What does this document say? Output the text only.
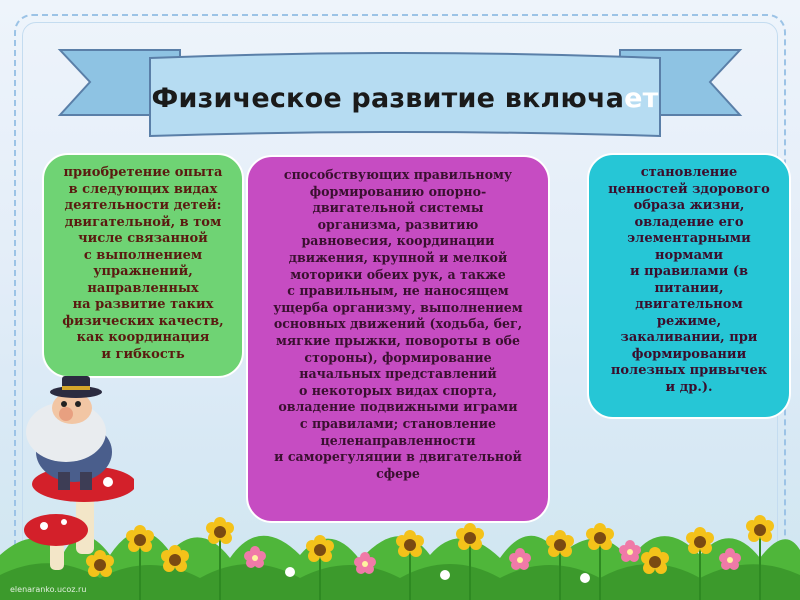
Физическое развитие включа ет

приобретение опыта
в следующих видах
деятельности детей:
двигательной, в том
числе связанной
с выполнением
упражнений,
направленных
на развитие таких
физических качеств,
как координация
и гибкость

способствующих правильному
формированию опорно-
двигательной системы
организма, развитию
равновесия, координации
движения, крупной и мелкой
моторики обеих рук, а также
с правильным, не наносящем
ущерба организму, выполнением
основных движений (ходьба, бег,
мягкие прыжки, повороты в обе
стороны), формирование
начальных представлений
о некоторых видах спорта,
овладение подвижными играми
с правилами; становление
целенаправленности
и саморегуляции в двигательной
сфере

становление
ценностей здорового
образа жизни,
овладение его
элементарными
нормами
и правилами (в
питании,
двигательном
режиме,
закаливании, при
формировании
полезных привычек
и др.).

elenaranko.ucoz.ru
